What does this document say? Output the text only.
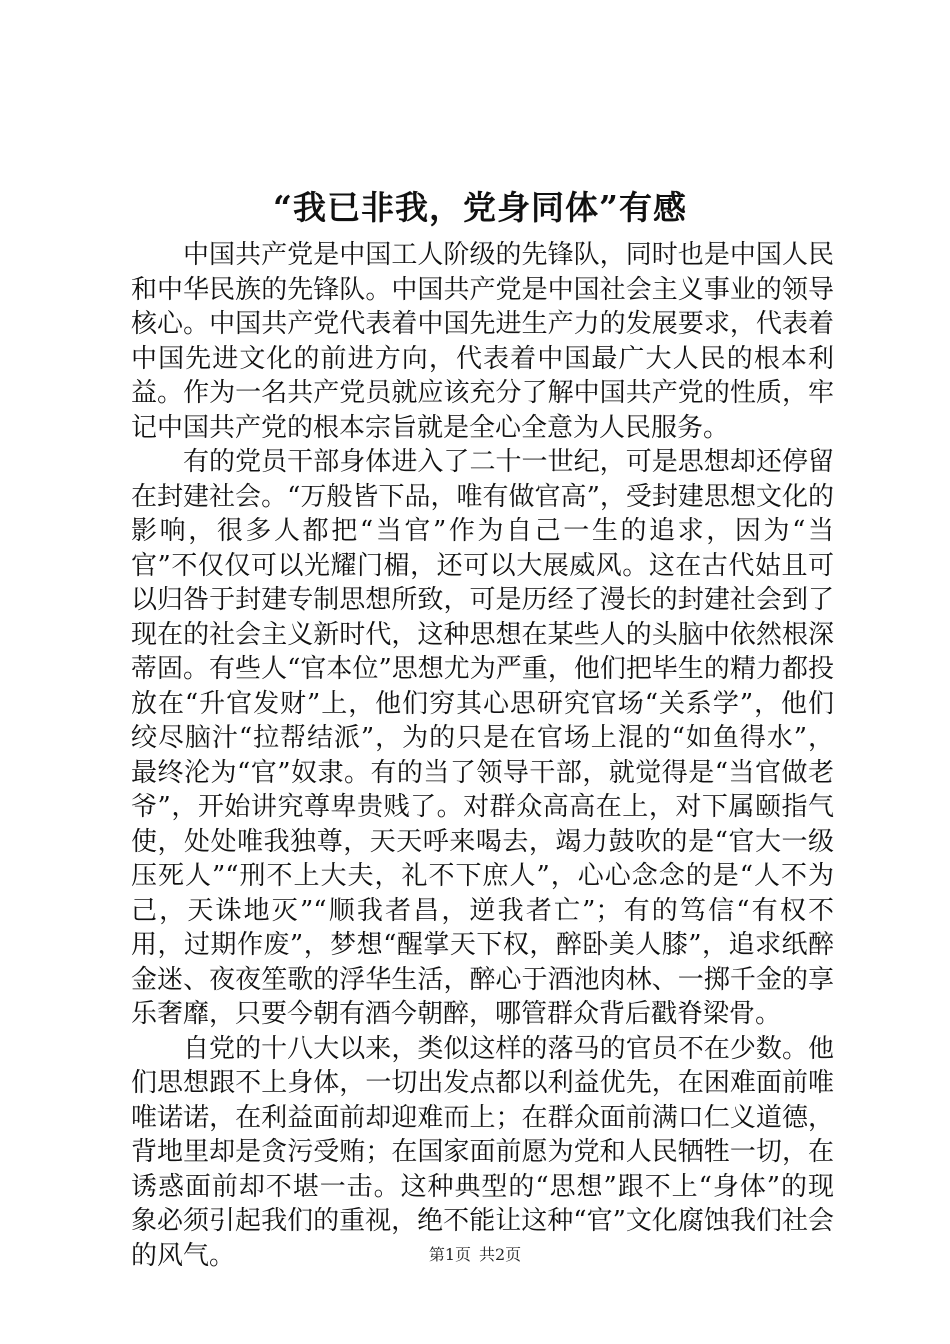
“我已非我，党身同体”有感

中国共产党是中国工人阶级的先锋队，同时也是中国人民和中华民族的先锋队。中国共产党是中国社会主义事业的领导核心。中国共产党代表着中国先进生产力的发展要求，代表着中国先进文化的前进方向，代表着中国最广大人民的根本利益。作为一名共产党员就应该充分了解中国共产党的性质，牢记中国共产党的根本宗旨就是全心全意为人民服务。

有的党员干部身体进入了二十一世纪，可是思想却还停留在封建社会。“万般皆下品，唯有做官高”，受封建思想文化的影响，很多人都把“当官”作为自己一生的追求，因为“当官”不仅仅可以光耀门楣，还可以大展威风。这在古代姑且可以归咎于封建专制思想所致，可是历经了漫长的封建社会到了现在的社会主义新时代，这种思想在某些人的头脑中依然根深蒂固。有些人“官本位”思想尤为严重，他们把毕生的精力都投放在“升官发财”上，他们穷其心思研究官场“关系学”，他们绞尽脑汁“拉帮结派”，为的只是在官场上混的“如鱼得水”，最终沦为“官”奴隶。有的当了领导干部，就觉得是“当官做老爷”，开始讲究尊卑贵贱了。对群众高高在上，对下属颐指气使，处处唯我独尊，天天呼来喝去，竭力鼓吹的是“官大一级压死人”“刑不上大夫，礼不下庶人”，心心念念的是“人不为己，天诛地灭”“顺我者昌，逆我者亡”；有的笃信“有权不用，过期作废”，梦想“醒掌天下权，醉卧美人膝”，追求纸醉金迷、夜夜笙歌的浮华生活，醉心于酒池肉林、一掷千金的享乐奢靡，只要今朝有酒今朝醉，哪管群众背后戳脊梁骨。

自党的十八大以来，类似这样的落马的官员不在少数。他们思想跟不上身体，一切出发点都以利益优先，在困难面前唯唯诺诺，在利益面前却迎难而上；在群众面前满口仁义道德，背地里却是贪污受贿；在国家面前愿为党和人民牺牲一切，在诱惑面前却不堪一击。这种典型的“思想”跟不上“身体”的现象必须引起我们的重视，绝不能让这种“官”文化腐蚀我们社会的风气。	第1页 共2页
